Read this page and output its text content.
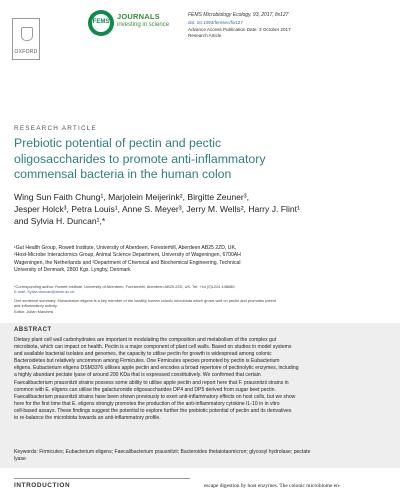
OXFORD
FEMS
JOURNALS
investing in science
FEMS Microbiology Ecology, 93, 2017, fix127
doi: 10.1093/femsec/fix127
Advance Access Publication Date: 3 October 2017
Research Article
RESEARCH ARTICLE
Prebiotic potential of pectin and pectic
oligosaccharides to promote anti-inflammatory
commensal bacteria in the human colon
Wing Sun Faith Chung¹, Marjolein Meijerink², Birgitte Zeuner³,
Jesper Holck³, Petra Louis¹, Anne S. Meyer³, Jerry M. Wells², Harry J. Flint¹
and Sylvia H. Duncan¹,*
¹Gut Health Group, Rowett Institute, University of Aberdeen, Foresterhill, Aberdeen AB25 2ZD, UK,
²Host-Microbe Interactomics Group, Animal Science Department, University of Wageningen, 6700AH
Wageningen, the Netherlands and ³Department of Chemical and Biochemical Engineering, Technical
University of Denmark, 2800 Kgs. Lyngby, Denmark
*Corresponding author: Rowett Institute, University of Aberdeen, Foresterhill, Aberdeen AB25 2ZD, UK. Tel: +44 (0)1224 438680;
E-mail: Sylvia.duncan@abdn.ac.uk
One sentence summary: Eubacterium eligens is a key member of the healthy human colonic microbiota which grows well on pectin and promotes potent
anti-inflammatory activity.
Editor: Julian Marchesi
ABSTRACT
Dietary plant cell wall carbohydrates are important in modulating the composition and metabolism of the complex gut
microbiota, which can impact on health. Pectin is a major component of plant cell walls. Based on studies in model systems
and available bacterial isolates and genomes, the capacity to utilise pectin for growth is widespread among colonic
Bacteroidetes but relatively uncommon among Firmicutes. One Firmicutes species promoted by pectin is Eubacterium
eligens. Eubacterium eligens DSM3376 utilises apple pectin and encodes a broad repertoire of pectinolytic enzymes, including
a highly abundant pectate lyase of around 200 KDa that is expressed constitutively. We confirmed that certain
Faecalibacterium prausnitzii strains possess some ability to utilise apple pectin and report here that F. prausnitzii strains in
common with E. eligens can utilise the galacturonide oligosaccharides DP4 and DP5 derived from sugar beet pectin.
Faecalibacterium prausnitzii strains have been shown previously to exert anti-inflammatory effects on host cells, but we show
here for the first time that E. eligens strongly promotes the production of the anti-inflammatory cytokine IL-10 in in vitro
cell-based assays. These findings suggest the potential to explore further the prebiotic potential of pectin and its derivatives
to re-balance the microbiota towards an anti-inflammatory profile.
Keywords: Firmicutes; Eubacterium eligens; Faecalibacterium prausnitzii; Bacteroides thetaiotaomicron; glycosyl hydrolase; pectate
lyase
INTRODUCTION	escape digestion by host enzymes. The colonic microbiome en-
